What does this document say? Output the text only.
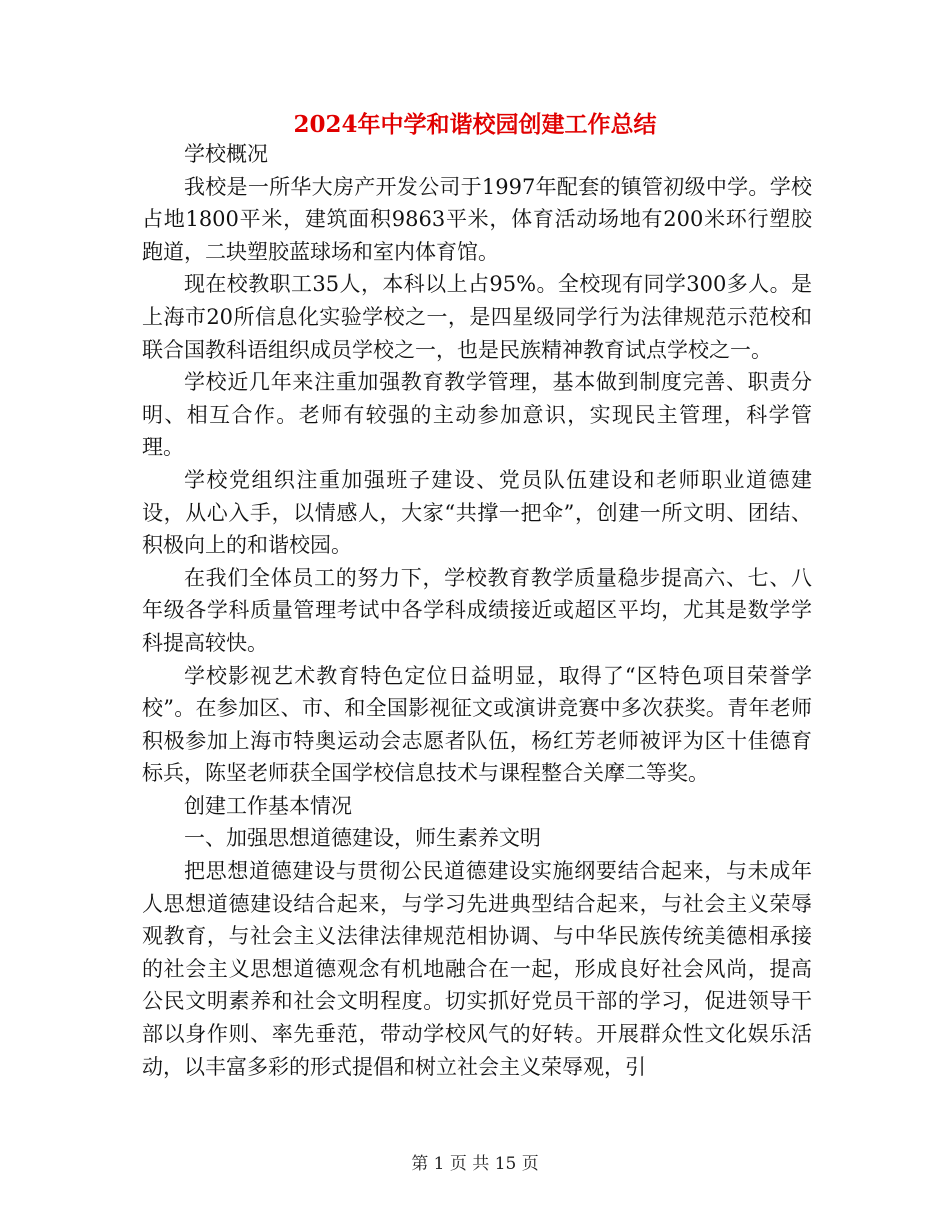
2024年中学和谐校园创建工作总结

学校概况

我校是一所华大房产开发公司于1997年配套的镇管初级中学。学校占地1800平米，建筑面积9863平米，体育活动场地有200米环行塑胶跑道，二块塑胶蓝球场和室内体育馆。

现在校教职工35人，本科以上占95%。全校现有同学300多人。是上海市20所信息化实验学校之一，是四星级同学行为法律规范示范校和联合国教科语组织成员学校之一，也是民族精神教育试点学校之一。

学校近几年来注重加强教育教学管理，基本做到制度完善、职责分明、相互合作。老师有较强的主动参加意识，实现民主管理，科学管理。

学校党组织注重加强班子建设、党员队伍建设和老师职业道德建设，从心入手，以情感人，大家“共撑一把伞”，创建一所文明、团结、积极向上的和谐校园。

在我们全体员工的努力下，学校教育教学质量稳步提高六、七、八年级各学科质量管理考试中各学科成绩接近或超区平均，尤其是数学学科提高较快。

学校影视艺术教育特色定位日益明显，取得了“区特色项目荣誉学校”。在参加区、市、和全国影视征文或演讲竞赛中多次获奖。青年老师积极参加上海市特奥运动会志愿者队伍，杨红芳老师被评为区十佳德育标兵，陈坚老师获全国学校信息技术与课程整合关摩二等奖。

创建工作基本情况

一、加强思想道德建设，师生素养文明

把思想道德建设与贯彻公民道德建设实施纲要结合起来，与未成年人思想道德建设结合起来，与学习先进典型结合起来，与社会主义荣辱观教育，与社会主义法律法律规范相协调、与中华民族传统美德相承接的社会主义思想道德观念有机地融合在一起，形成良好社会风尚，提高公民文明素养和社会文明程度。切实抓好党员干部的学习，促进领导干部以身作则、率先垂范，带动学校风气的好转。开展群众性文化娱乐活动，以丰富多彩的形式提倡和树立社会主义荣辱观，引

第 1 页 共 15 页
